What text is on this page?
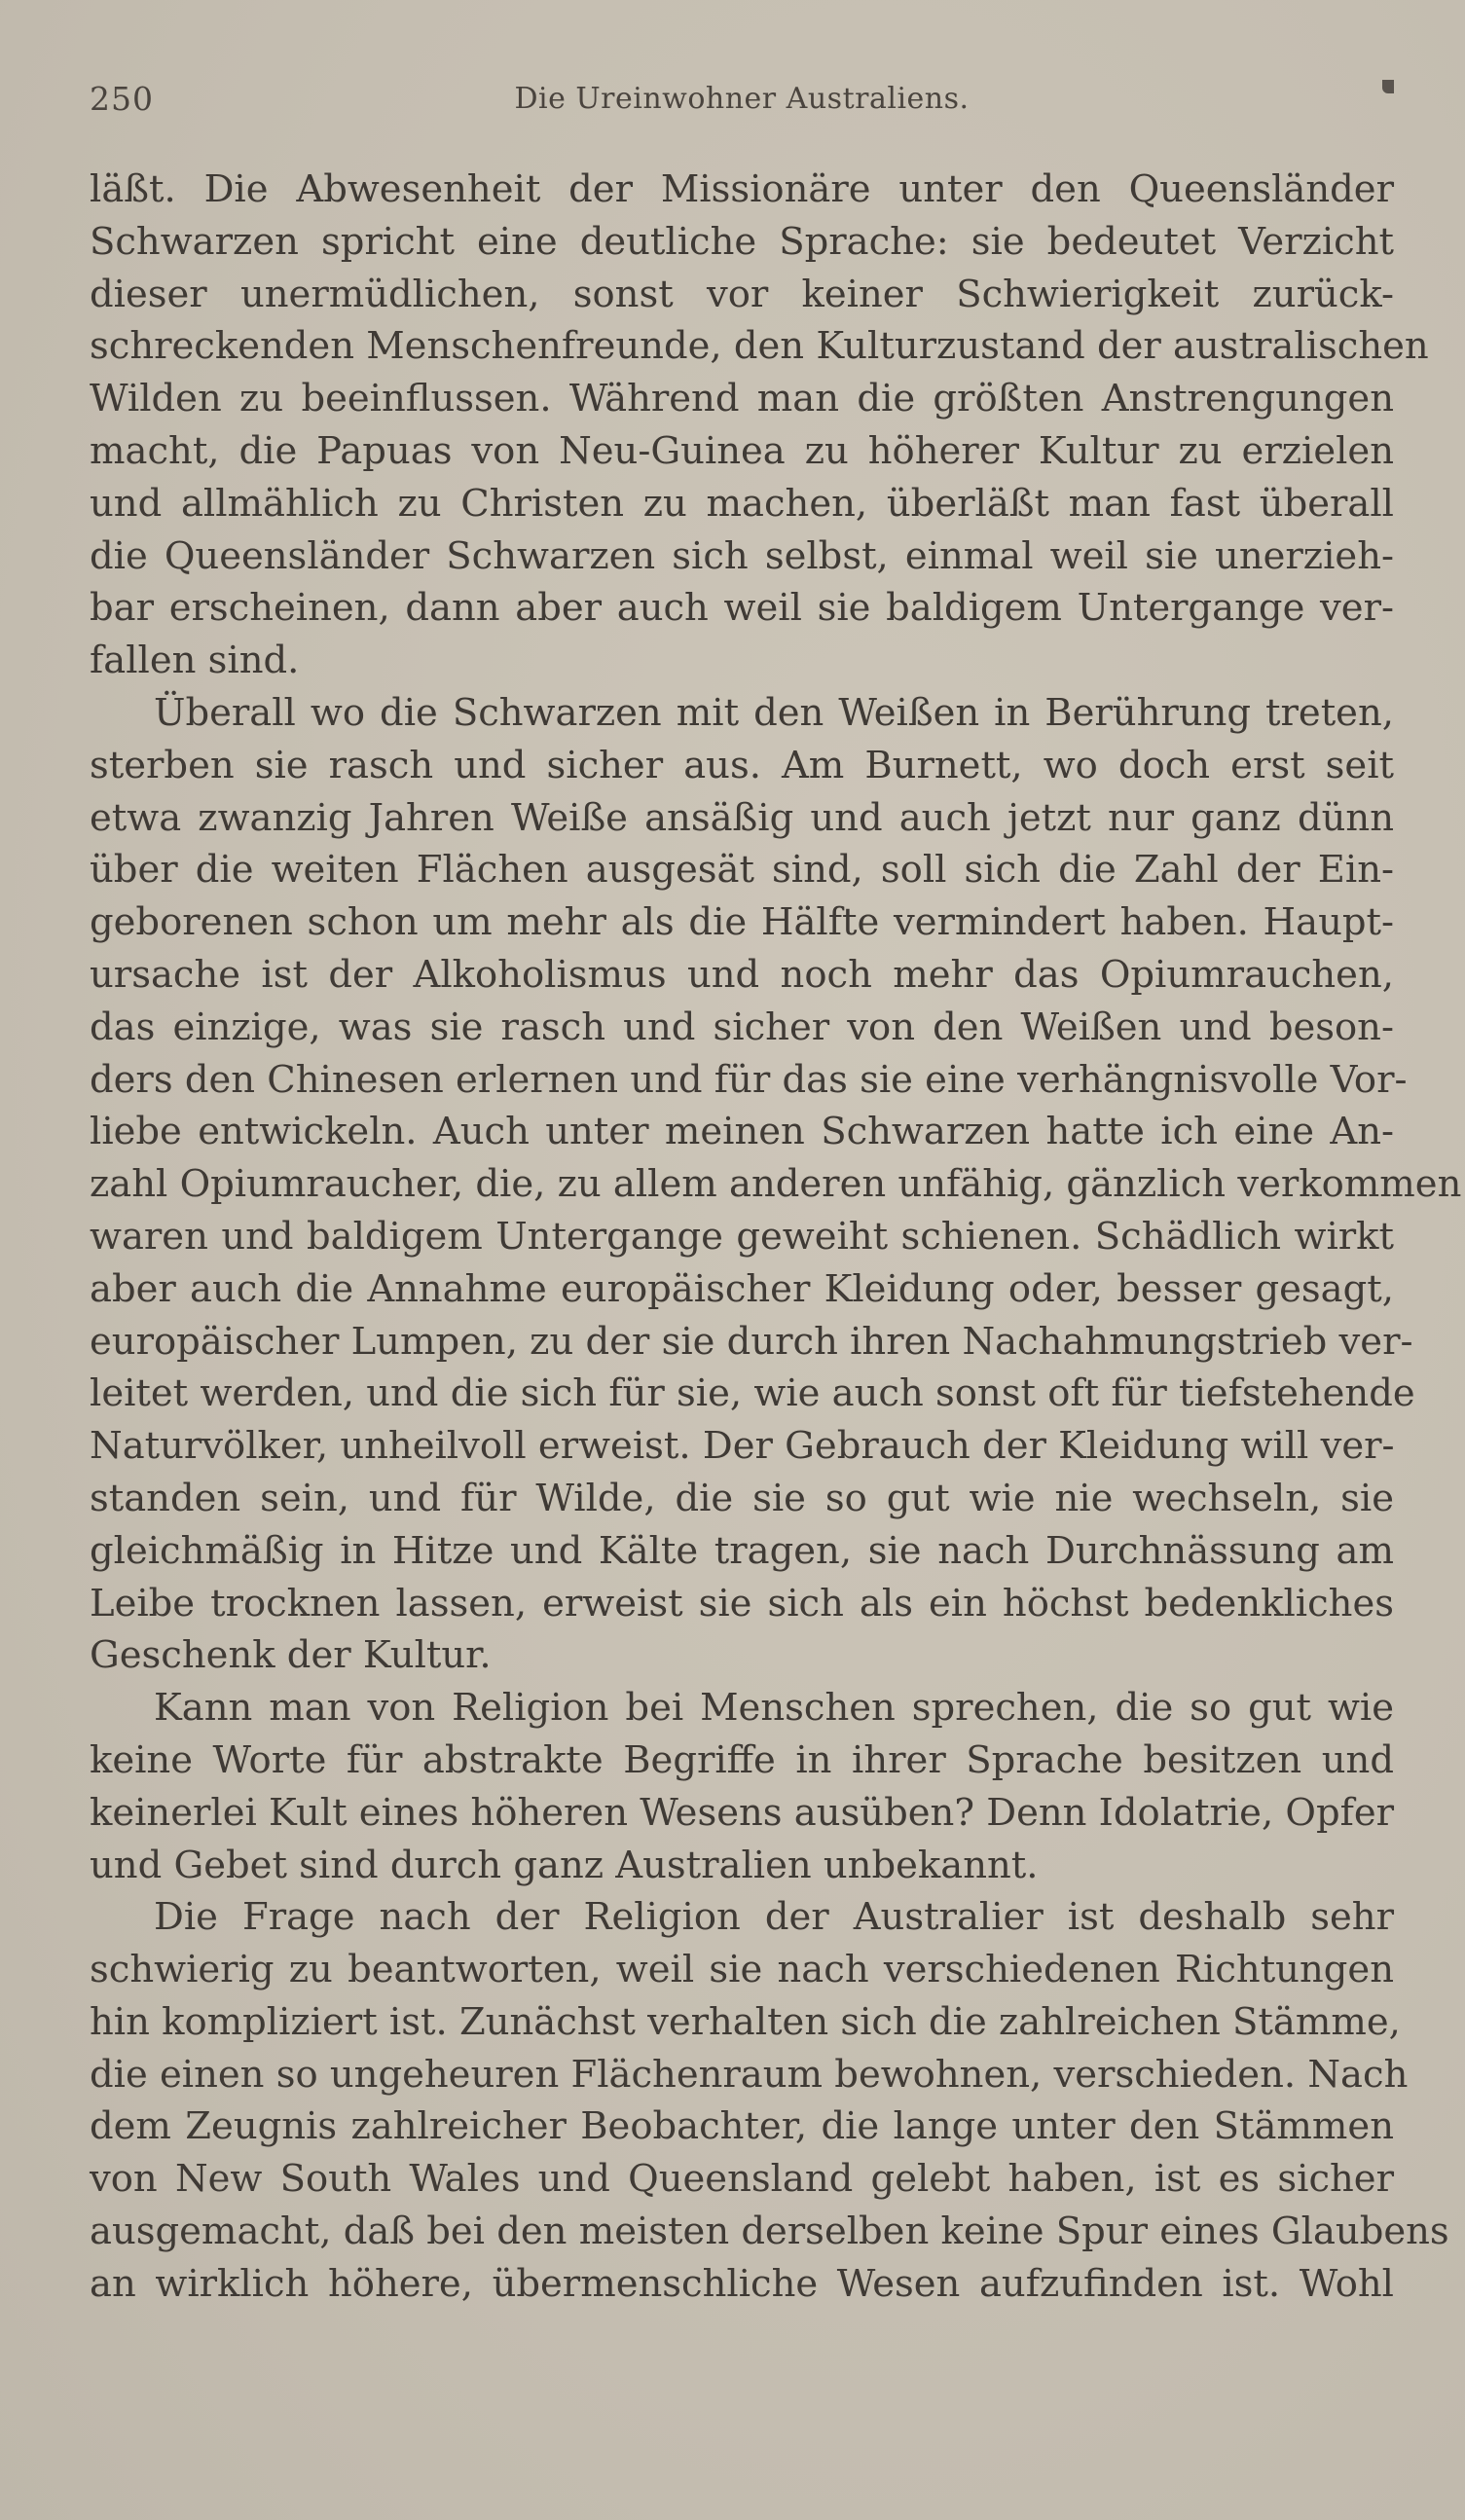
250	Die Ureinwohner Australiens.
läßt. Die Abwesenheit der Missionäre unter den Queensländer
Schwarzen spricht eine deutliche Sprache: sie bedeutet Verzicht
dieser unermüdlichen, sonst vor keiner Schwierigkeit zurück-
schreckenden Menschenfreunde, den Kulturzustand der australischen
Wilden zu beeinflussen. Während man die größten Anstrengungen
macht, die Papuas von Neu-Guinea zu höherer Kultur zu erzielen
und allmählich zu Christen zu machen, überläßt man fast überall
die Queensländer Schwarzen sich selbst, einmal weil sie unerzieh-
bar erscheinen, dann aber auch weil sie baldigem Untergange ver-
fallen sind.
Überall wo die Schwarzen mit den Weißen in Berührung treten,
sterben sie rasch und sicher aus. Am Burnett, wo doch erst seit
etwa zwanzig Jahren Weiße ansäßig und auch jetzt nur ganz dünn
über die weiten Flächen ausgesät sind, soll sich die Zahl der Ein-
geborenen schon um mehr als die Hälfte vermindert haben. Haupt-
ursache ist der Alkoholismus und noch mehr das Opiumrauchen,
das einzige, was sie rasch und sicher von den Weißen und beson-
ders den Chinesen erlernen und für das sie eine verhängnisvolle Vor-
liebe entwickeln. Auch unter meinen Schwarzen hatte ich eine An-
zahl Opiumraucher, die, zu allem anderen unfähig, gänzlich verkommen
waren und baldigem Untergange geweiht schienen. Schädlich wirkt
aber auch die Annahme europäischer Kleidung oder, besser gesagt,
europäischer Lumpen, zu der sie durch ihren Nachahmungstrieb ver-
leitet werden, und die sich für sie, wie auch sonst oft für tiefstehende
Naturvölker, unheilvoll erweist. Der Gebrauch der Kleidung will ver-
standen sein, und für Wilde, die sie so gut wie nie wechseln, sie
gleichmäßig in Hitze und Kälte tragen, sie nach Durchnässung am
Leibe trocknen lassen, erweist sie sich als ein höchst bedenkliches
Geschenk der Kultur.
Kann man von Religion bei Menschen sprechen, die so gut wie
keine Worte für abstrakte Begriffe in ihrer Sprache besitzen und
keinerlei Kult eines höheren Wesens ausüben? Denn Idolatrie, Opfer
und Gebet sind durch ganz Australien unbekannt.
Die Frage nach der Religion der Australier ist deshalb sehr
schwierig zu beantworten, weil sie nach verschiedenen Richtungen
hin kompliziert ist. Zunächst verhalten sich die zahlreichen Stämme,
die einen so ungeheuren Flächenraum bewohnen, verschieden. Nach
dem Zeugnis zahlreicher Beobachter, die lange unter den Stämmen
von New South Wales und Queensland gelebt haben, ist es sicher
ausgemacht, daß bei den meisten derselben keine Spur eines Glaubens
an wirklich höhere, übermenschliche Wesen aufzufinden ist. Wohl
